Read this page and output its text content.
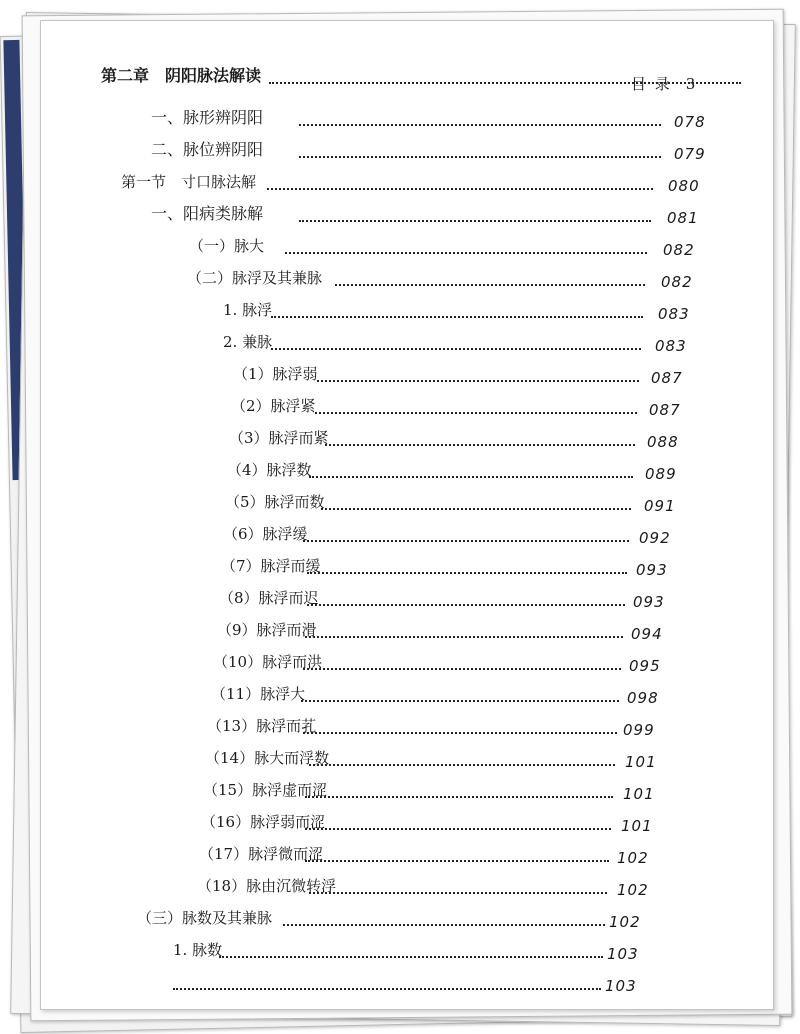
目 录 3
第二章　阴阳脉法解读
一、脉形辨阴阳	078
二、脉位辨阴阳	079
第一节　寸口脉法解	080
一、阳病类脉解	081
（一）脉大	082
（二）脉浮及其兼脉	082
1. 脉浮	083
2. 兼脉	083
（1）脉浮弱	087
（2）脉浮紧	087
（3）脉浮而紧	088
（4）脉浮数	089
（5）脉浮而数	091
（6）脉浮缓	092
（7）脉浮而缓	093
（8）脉浮而迟	093
（9）脉浮而滑	094
（10）脉浮而洪	095
（11）脉浮大	098
（13）脉浮而芤	099
（14）脉大而浮数	101
（15）脉浮虚而涩	101
（16）脉浮弱而涩	101
（17）脉浮微而涩	102
（18）脉由沉微转浮	102
（三）脉数及其兼脉	102
1. 脉数	103
103
